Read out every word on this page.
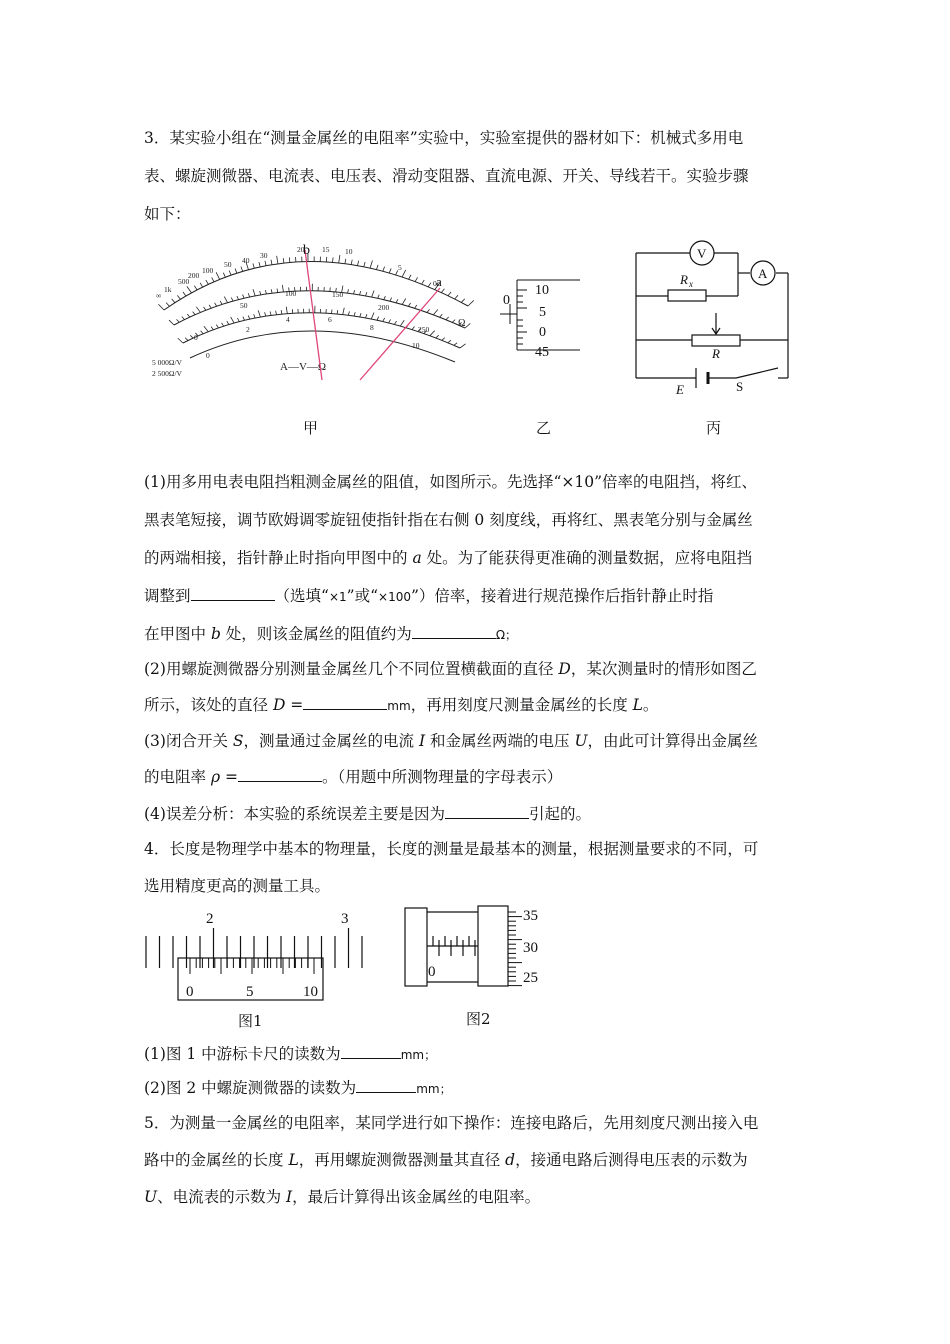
3．某实验小组在“测量金属丝的电阻率”实验中，实验室提供的器材如下：机械式多用电
表、螺旋测微器、电流表、电压表、滑动变阻器、直流电源、开关、导线若干。实验步骤
如下：
∞
1k
500
200
100
50 40
30
20 15 10
5
0
0
50
100	150
200
250
0
2
4	6
8
10
5 000Ω/V
2 500Ω/V
A—V—Ω
Ω
b
a
0
10
5
0
45
V
A
R x
R
E	S
甲	乙	丙
(1)用多用电表电阻挡粗测金属丝的阻值，如图所示。先选择“×10”倍率的电阻挡，将红、
黑表笔短接，调节欧姆调零旋钮使指针指在右侧 0 刻度线，再将红、黑表笔分别与金属丝
的两端相接，指针静止时指向甲图中的 a 处。为了能获得更准确的测量数据，应将电阻挡
调整到	（选填“×1”或“×100”）倍率，接着进行规范操作后指针静止时指
在甲图中 b 处，则该金属丝的阻值约为	Ω；
(2)用螺旋测微器分别测量金属丝几个不同位置横截面的直径 D，某次测量时的情形如图乙
所示，该处的直径 D =	mm，再用刻度尺测量金属丝的长度 L。
(3)闭合开关 S，测量通过金属丝的电流 I 和金属丝两端的电压 U，由此可计算得出金属丝
的电阻率 ρ =	。（用题中所测物理量的字母表示）
(4)误差分析：本实验的系统误差主要是因为	引起的。
4．长度是物理学中基本的物理量，长度的测量是最基本的测量，根据测量要求的不同，可
选用精度更高的测量工具。
2	3
0	5	10
图1
0
35
30
25
图2
(1)图 1 中游标卡尺的读数为	mm；
(2)图 2 中螺旋测微器的读数为	mm；
5．为测量一金属丝的电阻率，某同学进行如下操作：连接电路后，先用刻度尺测出接入电
路中的金属丝的长度 L，再用螺旋测微器测量其直径 d，接通电路后测得电压表的示数为
U、电流表的示数为 I，最后计算得出该金属丝的电阻率。
